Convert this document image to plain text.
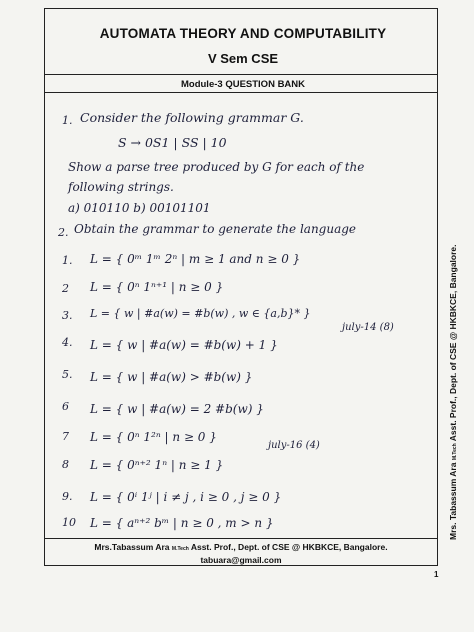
AUTOMATA THEORY AND COMPUTABILITY
V Sem CSE
Module-3 QUESTION BANK
1. Consider the following grammar G.
S → 0S1 | SS | 10
Show a parse tree produced by G for each of the
following strings.
a) 010110 b) 00101101
2. Obtain the grammar to generate the language
1. L = { 0ᵐ 1ᵐ 2ⁿ | m ≥ 1 and n ≥ 0 }
2 L = { 0ⁿ 1ⁿ⁺¹ | n ≥ 0 }
3. L = { w | #a(w) = #b(w) , w ∈ {a,b}* }
july-14 (8)
4. L = { w | #a(w) = #b(w) + 1 }
5. L = { w | #a(w) > #b(w) }
6 L = { w | #a(w) = 2 #b(w) }
7 L = { 0ⁿ 1²ⁿ | n ≥ 0 }
july-16 (4)
8 L = { 0ⁿ⁺² 1ⁿ | n ≥ 1 }
9. L = { 0ⁱ 1ʲ | i ≠ j , i ≥ 0 , j ≥ 0 }
10 L = { aⁿ⁺² bᵐ | n ≥ 0 , m > n }	Mrs. Tabassum Ara M.Tech Asst. Prof., Dept. of CSE @ HKBKCE, Bangalore.
Mrs.Tabassum Ara M.Tech Asst. Prof., Dept. of CSE @ HKBKCE, Bangalore.
tabuara@gmail.com
1
